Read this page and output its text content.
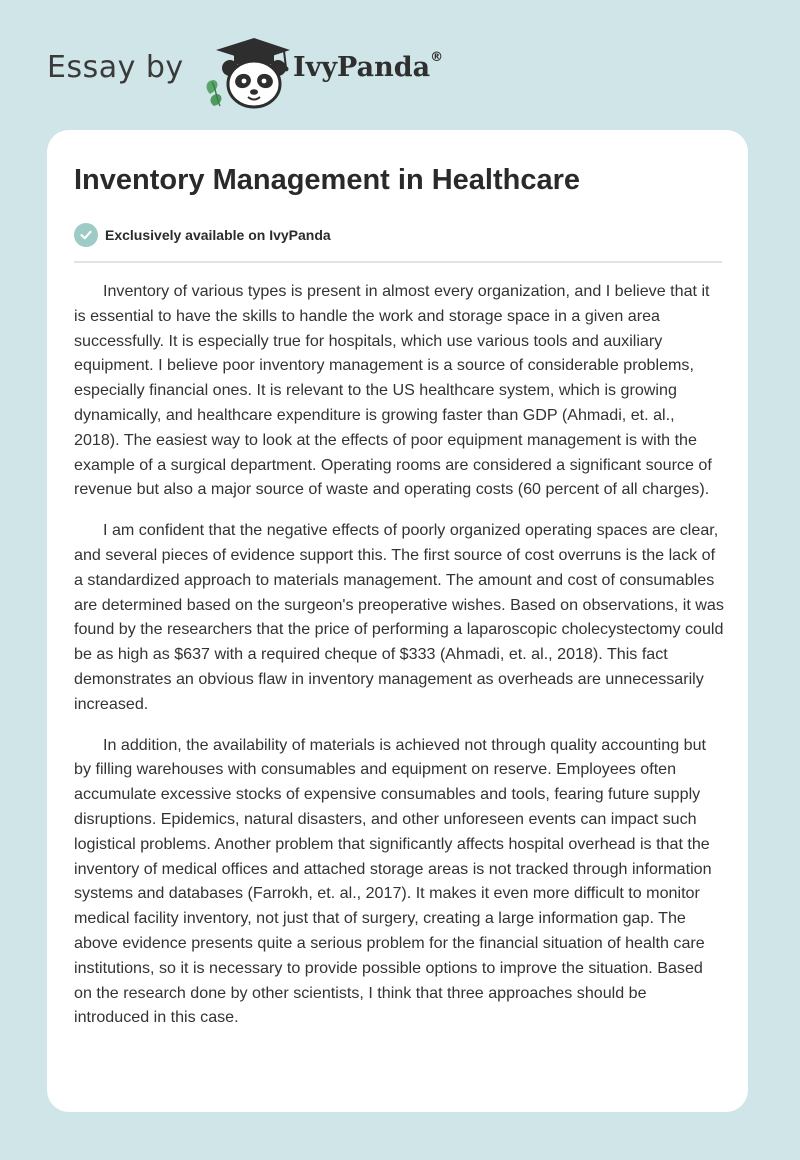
Essay by	IvyPanda®
Inventory Management in Healthcare
Exclusively available on IvyPanda

Inventory of various types is present in almost every organization, and I believe that it is essential to have the skills to handle the work and storage space in a given area successfully. It is especially true for hospitals, which use various tools and auxiliary equipment. I believe poor inventory management is a source of considerable problems, especially financial ones. It is relevant to the US healthcare system, which is growing dynamically, and healthcare expenditure is growing faster than GDP (Ahmadi, et. al., 2018). The easiest way to look at the effects of poor equipment management is with the example of a surgical department. Operating rooms are considered a significant source of revenue but also a major source of waste and operating costs (60 percent of all charges).

I am confident that the negative effects of poorly organized operating spaces are clear, and several pieces of evidence support this. The first source of cost overruns is the lack of a standardized approach to materials management. The amount and cost of consumables are determined based on the surgeon's preoperative wishes. Based on observations, it was found by the researchers that the price of performing a laparoscopic cholecystectomy could be as high as $637 with a required cheque of $333 (Ahmadi, et. al., 2018). This fact demonstrates an obvious flaw in inventory management as overheads are unnecessarily increased.

In addition, the availability of materials is achieved not through quality accounting but by filling warehouses with consumables and equipment on reserve. Employees often accumulate excessive stocks of expensive consumables and tools, fearing future supply disruptions. Epidemics, natural disasters, and other unforeseen events can impact such logistical problems. Another problem that significantly affects hospital overhead is that the inventory of medical offices and attached storage areas is not tracked through information systems and databases (Farrokh, et. al., 2017). It makes it even more difficult to monitor medical facility inventory, not just that of surgery, creating a large information gap. The above evidence presents quite a serious problem for the financial situation of health care institutions, so it is necessary to provide possible options to improve the situation. Based on the research done by other scientists, I think that three approaches should be introduced in this case.
